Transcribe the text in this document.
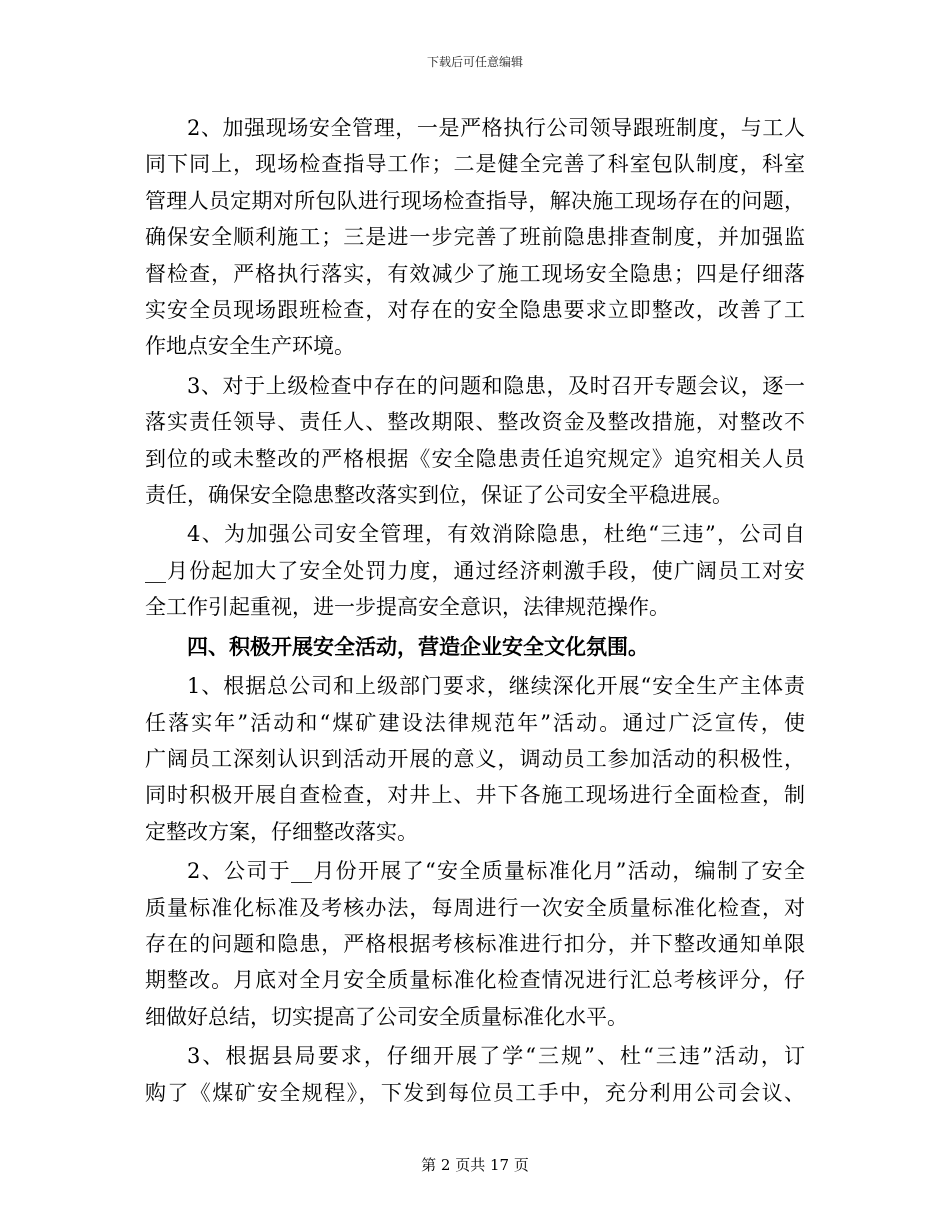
下载后可任意编辑
2、加强现场安全管理，一是严格执行公司领导跟班制度，与工人
同下同上，现场检查指导工作；二是健全完善了科室包队制度，科室
管理人员定期对所包队进行现场检查指导，解决施工现场存在的问题，
确保安全顺利施工；三是进一步完善了班前隐患排查制度，并加强监
督检查，严格执行落实，有效减少了施工现场安全隐患；四是仔细落
实安全员现场跟班检查，对存在的安全隐患要求立即整改，改善了工
作地点安全生产环境。
3、对于上级检查中存在的问题和隐患，及时召开专题会议，逐一
落实责任领导、责任人、整改期限、整改资金及整改措施，对整改不
到位的或未整改的严格根据《安全隐患责任追究规定》追究相关人员
责任，确保安全隐患整改落实到位，保证了公司安全平稳进展。
4、为加强公司安全管理，有效消除隐患，杜绝“三违”，公司自
__月份起加大了安全处罚力度，通过经济刺激手段，使广阔员工对安
全工作引起重视，进一步提高安全意识，法律规范操作。
四、积极开展安全活动，营造企业安全文化氛围。
1、根据总公司和上级部门要求，继续深化开展“安全生产主体责
任落实年”活动和“煤矿建设法律规范年”活动。通过广泛宣传，使
广阔员工深刻认识到活动开展的意义，调动员工参加活动的积极性，
同时积极开展自查检查，对井上、井下各施工现场进行全面检查，制
定整改方案，仔细整改落实。
2、公司于__月份开展了“安全质量标准化月”活动，编制了安全
质量标准化标准及考核办法，每周进行一次安全质量标准化检查，对
存在的问题和隐患，严格根据考核标准进行扣分，并下整改通知单限
期整改。月底对全月安全质量标准化检查情况进行汇总考核评分，仔
细做好总结，切实提高了公司安全质量标准化水平。
3、根据县局要求，仔细开展了学“三规”、杜“三违”活动，订
购了《煤矿安全规程》，下发到每位员工手中，充分利用公司会议、
第 2 页共 17 页
